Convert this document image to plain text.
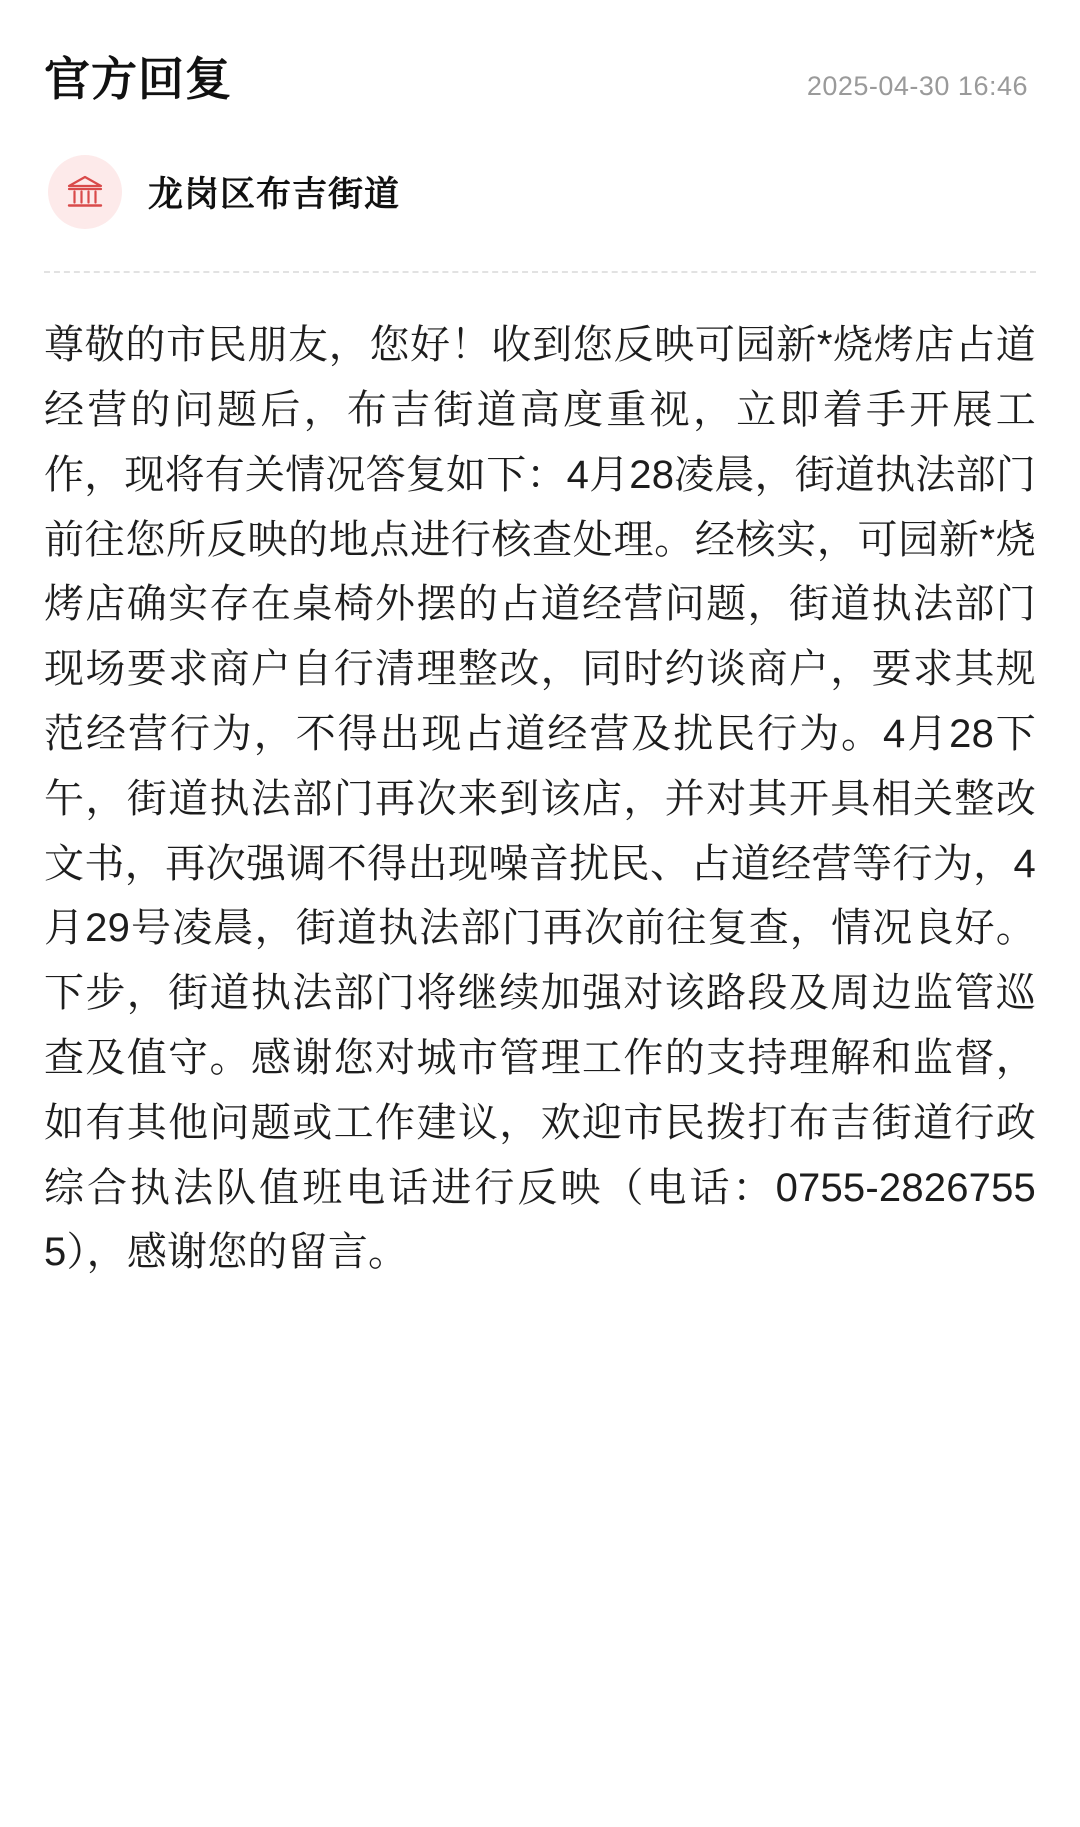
官方回复	2025-04-30 16:46
龙岗区布吉街道
尊敬的市民朋友，您好！收到您反映可园新*烧烤店占道经营的问题后，布吉街道高度重视，立即着手开展工作，现将有关情况答复如下：4月28凌晨，街道执法部门前往您所反映的地点进行核查处理。经核实，可园新*烧烤店确实存在桌椅外摆的占道经营问题，街道执法部门现场要求商户自行清理整改，同时约谈商户，要求其规范经营行为，不得出现占道经营及扰民行为。4月28下午，街道执法部门再次来到该店，并对其开具相关整改文书，再次强调不得出现噪音扰民、占道经营等行为，4月29号凌晨，街道执法部门再次前往复查，情况良好。下步，街道执法部门将继续加强对该路段及周边监管巡查及值守。感谢您对城市管理工作的支持理解和监督，如有其他问题或工作建议，欢迎市民拨打布吉街道行政综合执法队值班电话进行反映（电话：0755-28267555），感谢您的留言。
